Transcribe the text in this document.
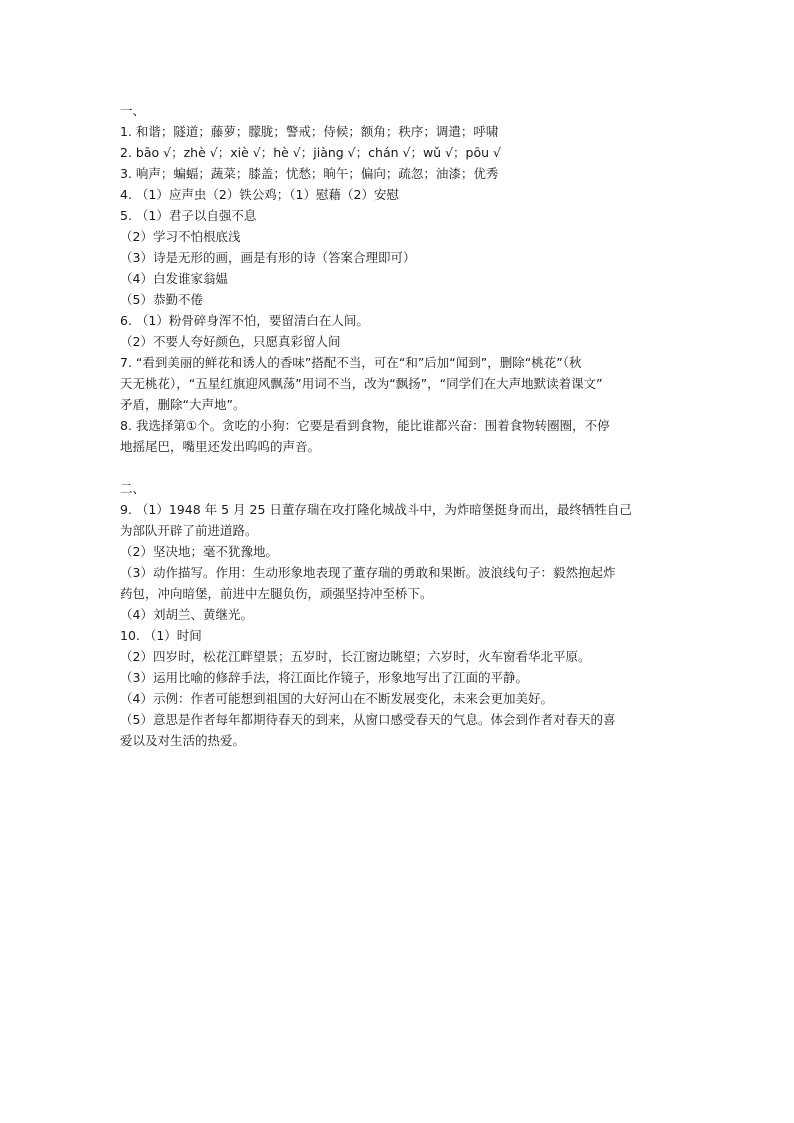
一、

1. 和谐；隧道；藤萝；朦胧；警戒；侍候；额角；秩序；调遣；呼啸

2. bāo √；zhè √；xiè √；hè √；jiàng √；chán √；wǔ √；pōu √

3. 响声；蝙蝠；蔬菜；膝盖；忧愁；晌午；偏向；疏忽；油漆；优秀

4. （1）应声虫（2）铁公鸡；（1）慰藉（2）安慰

5. （1）君子以自强不息

（2）学习不怕根底浅

（3）诗是无形的画，画是有形的诗（答案合理即可）

（4）白发谁家翁媪

（5）恭勤不倦

6. （1）粉骨碎身浑不怕，要留清白在人间。

（2）不要人夸好颜色，只愿真彩留人间

7. “看到美丽的鲜花和诱人的香味”搭配不当，可在“和”后加“闻到”，删除“桃花”（秋

天无桃花），“五星红旗迎风飘荡”用词不当，改为“飘扬”，“同学们在大声地默读着课文”

矛盾，删除“大声地”。

8. 我选择第①个。贪吃的小狗：它要是看到食物，能比谁都兴奋：围着食物转圈圈，不停

地摇尾巴，嘴里还发出呜呜的声音。

二、

9. （1）1948 年 5 月 25 日董存瑞在攻打隆化城战斗中，为炸暗堡挺身而出，最终牺牲自己

为部队开辟了前进道路。

（2）坚决地；毫不犹豫地。

（3）动作描写。作用：生动形象地表现了董存瑞的勇敢和果断。波浪线句子：毅然抱起炸

药包，冲向暗堡，前进中左腿负伤，顽强坚持冲至桥下。

（4）刘胡兰、黄继光。

10. （1）时间

（2）四岁时，松花江畔望景；五岁时，长江窗边眺望；六岁时，火车窗看华北平原。

（3）运用比喻的修辞手法，将江面比作镜子，形象地写出了江面的平静。

（4）示例：作者可能想到祖国的大好河山在不断发展变化，未来会更加美好。

（5）意思是作者每年都期待春天的到来，从窗口感受春天的气息。体会到作者对春天的喜

爱以及对生活的热爱。
